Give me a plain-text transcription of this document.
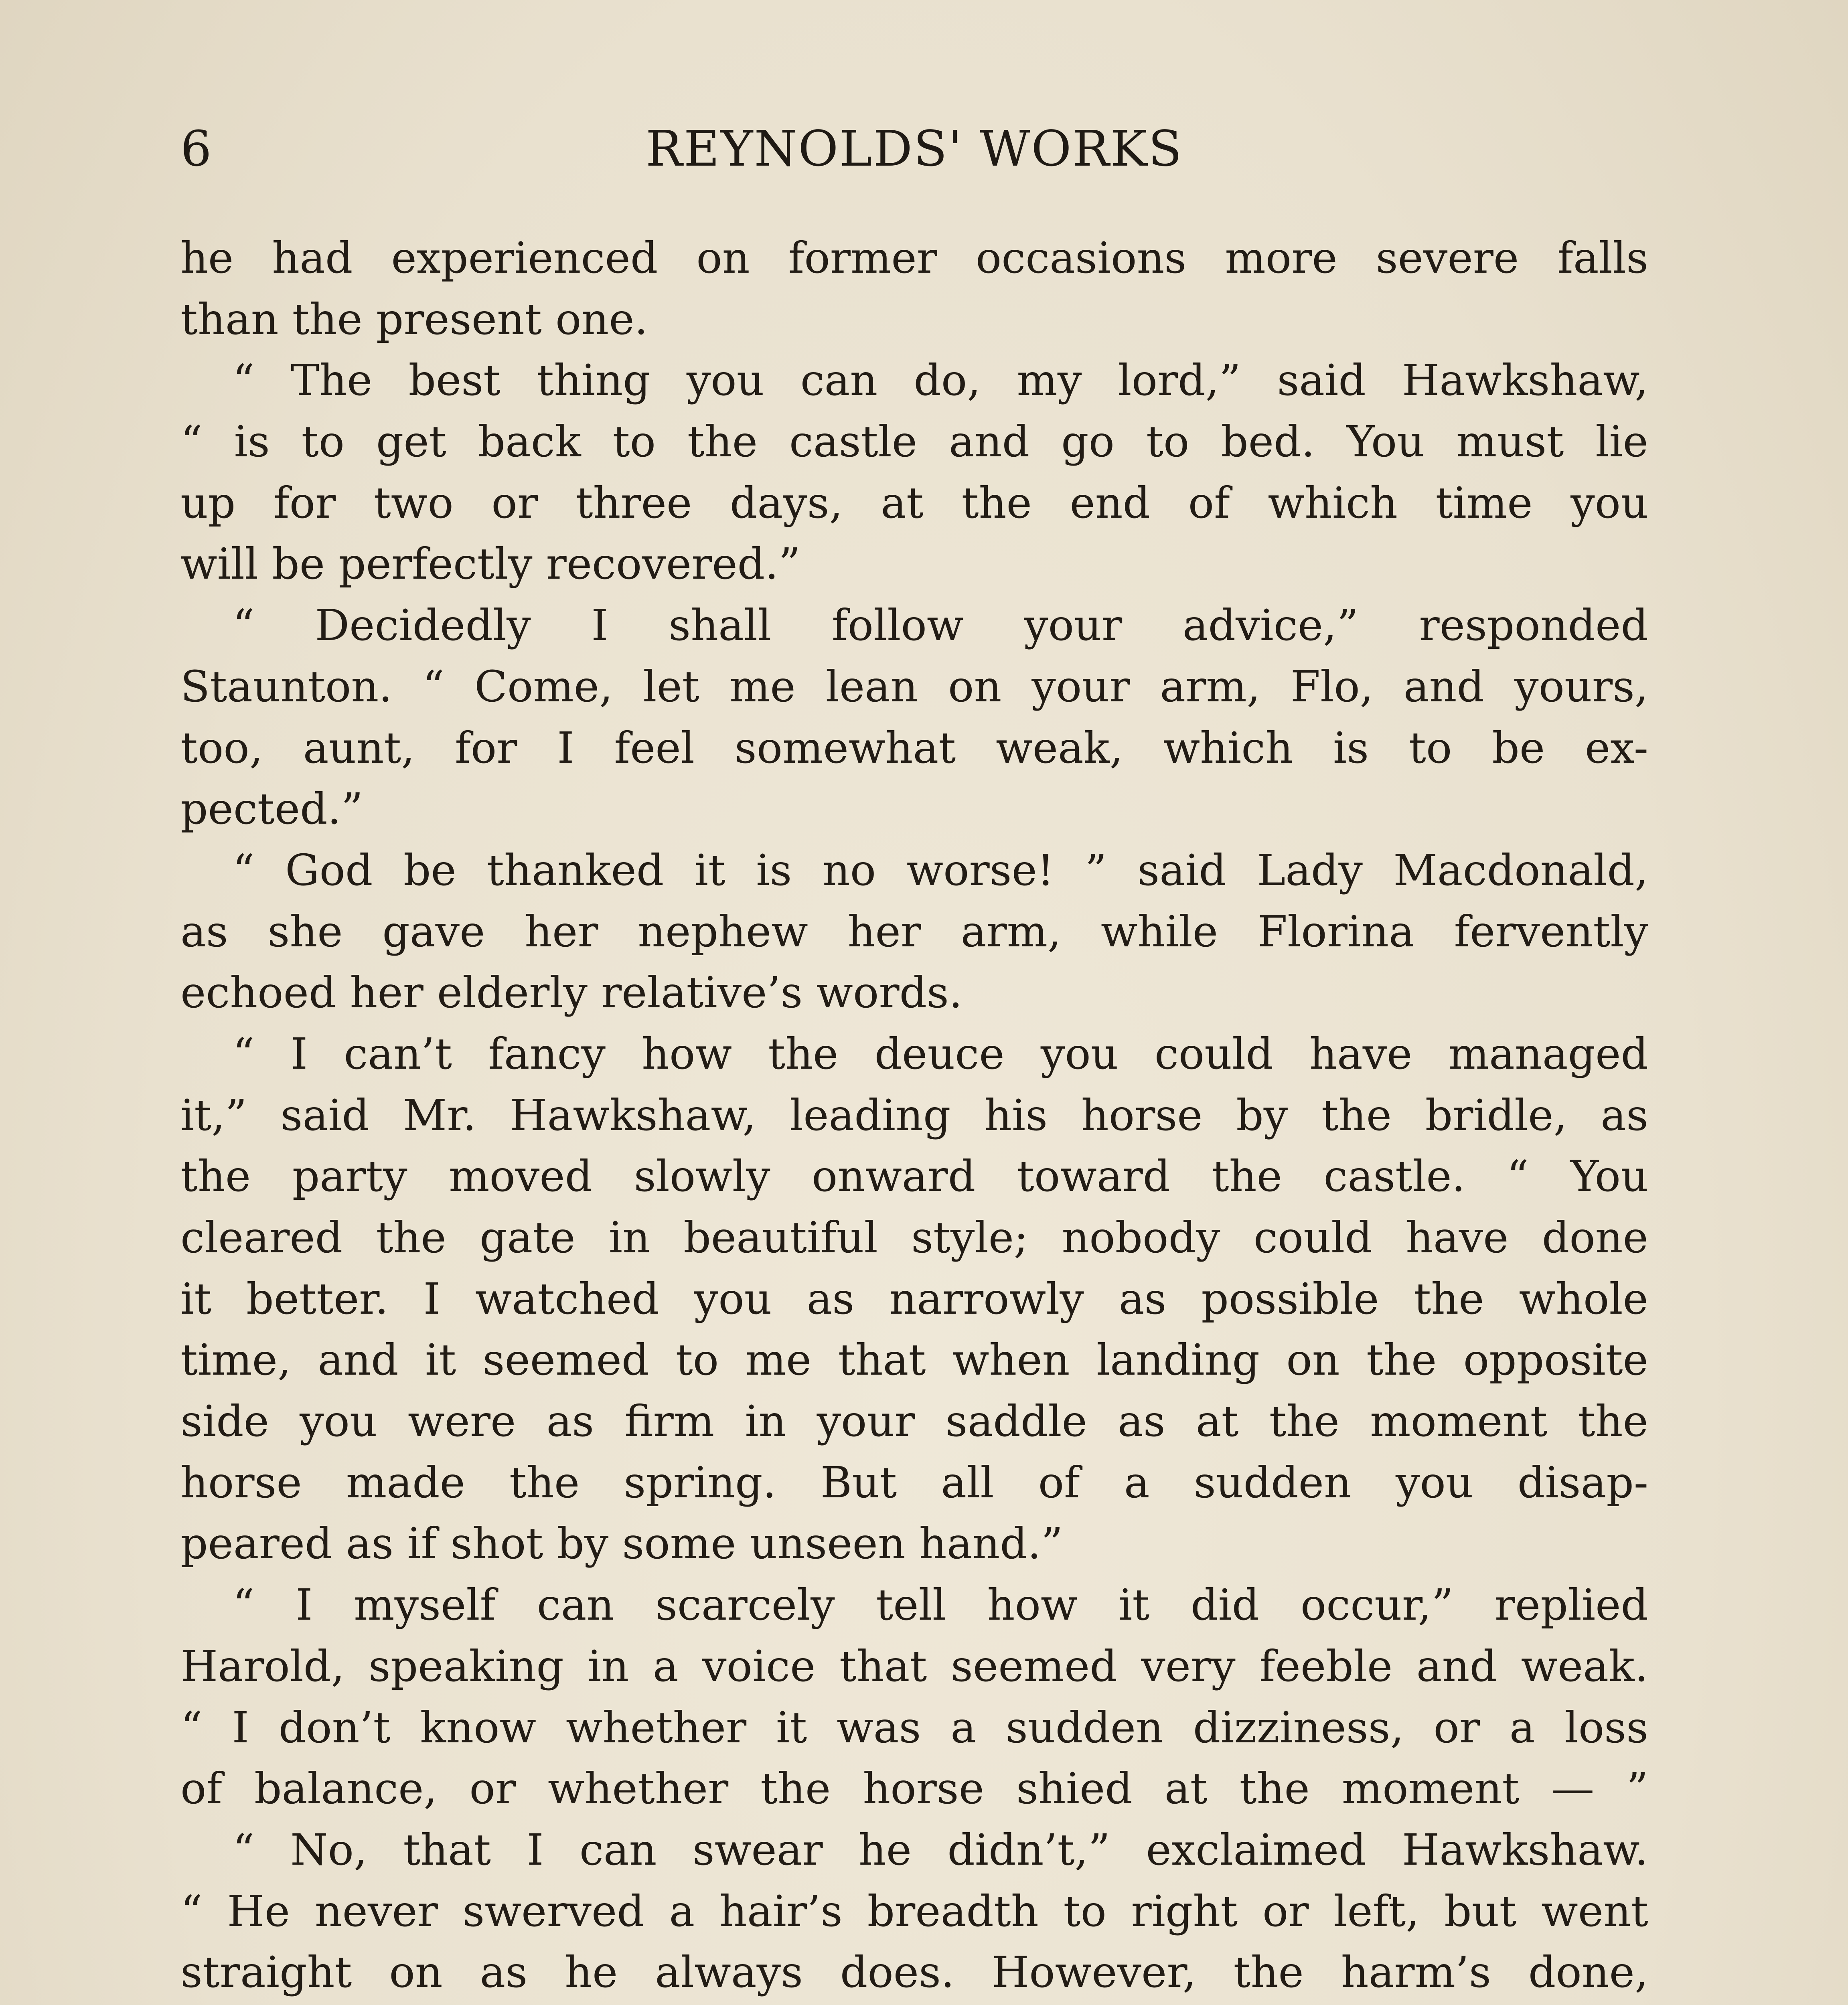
6	REYNOLDS' WORKS
he had experienced on former occasions more severe falls
than the present one.
“ The best thing you can do, my lord,” said Hawkshaw,
“ is to get back to the castle and go to bed. You must lie
up for two or three days, at the end of which time you
will be perfectly recovered.”
“ Decidedly I shall follow your advice,” responded
Staunton. “ Come, let me lean on your arm, Flo, and yours,
too, aunt, for I feel somewhat weak, which is to be ex-
pected.”
“ God be thanked it is no worse! ” said Lady Macdonald,
as she gave her nephew her arm, while Florina fervently
echoed her elderly relative’s words.
“ I can’t fancy how the deuce you could have managed
it,” said Mr. Hawkshaw, leading his horse by the bridle, as
the party moved slowly onward toward the castle. “ You
cleared the gate in beautiful style; nobody could have done
it better. I watched you as narrowly as possible the whole
time, and it seemed to me that when landing on the opposite
side you were as firm in your saddle as at the moment the
horse made the spring. But all of a sudden you disap-
peared as if shot by some unseen hand.”
“ I myself can scarcely tell how it did occur,” replied
Harold, speaking in a voice that seemed very feeble and weak.
“ I don’t know whether it was a sudden dizziness, or a loss
of balance, or whether the horse shied at the moment — ”
“ No, that I can swear he didn’t,” exclaimed Hawkshaw.
“ He never swerved a hair’s breadth to right or left, but went
straight on as he always does. However, the harm’s done,
